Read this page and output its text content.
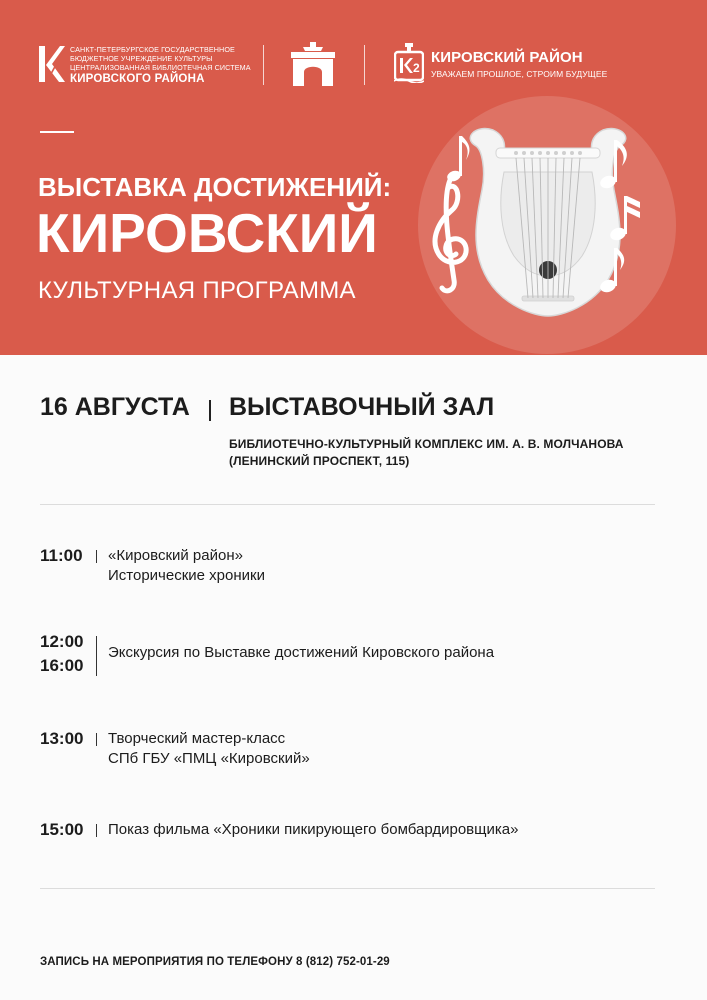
САНКТ-ПЕТЕРБУРГСКОЕ ГОСУДАРСТВЕННОЕ
БЮДЖЕТНОЕ УЧРЕЖДЕНИЕ КУЛЬТУРЫ
ЦЕНТРАЛИЗОВАННАЯ БИБЛИОТЕЧНАЯ СИСТЕМА
КИРОВСКОГО РАЙОНА
2
КИРОВСКИЙ РАЙОН
УВАЖАЕМ ПРОШЛОЕ, СТРОИМ БУДУЩЕЕ
ВЫСТАВКА ДОСТИЖЕНИЙ:
КИРОВСКИЙ
КУЛЬТУРНАЯ ПРОГРАММА
16 АВГУСТА ВЫСТАВОЧНЫЙ ЗАЛ
БИБЛИОТЕЧНО-КУЛЬТУРНЫЙ КОМПЛЕКС ИМ. А. В. МОЛЧАНОВА
(ЛЕНИНСКИЙ ПРОСПЕКТ, 115)
11:00 «Кировский район»
Исторические хроники
12:00
16:00
Экскурсия по Выставке достижений Кировского района
13:00 Творческий мастер-класс
СПб ГБУ «ПМЦ «Кировский»
15:00 Показ фильма «Хроники пикирующего бомбардировщика»
ЗАПИСЬ НА МЕРОПРИЯТИЯ ПО ТЕЛЕФОНУ 8 (812) 752-01-29
